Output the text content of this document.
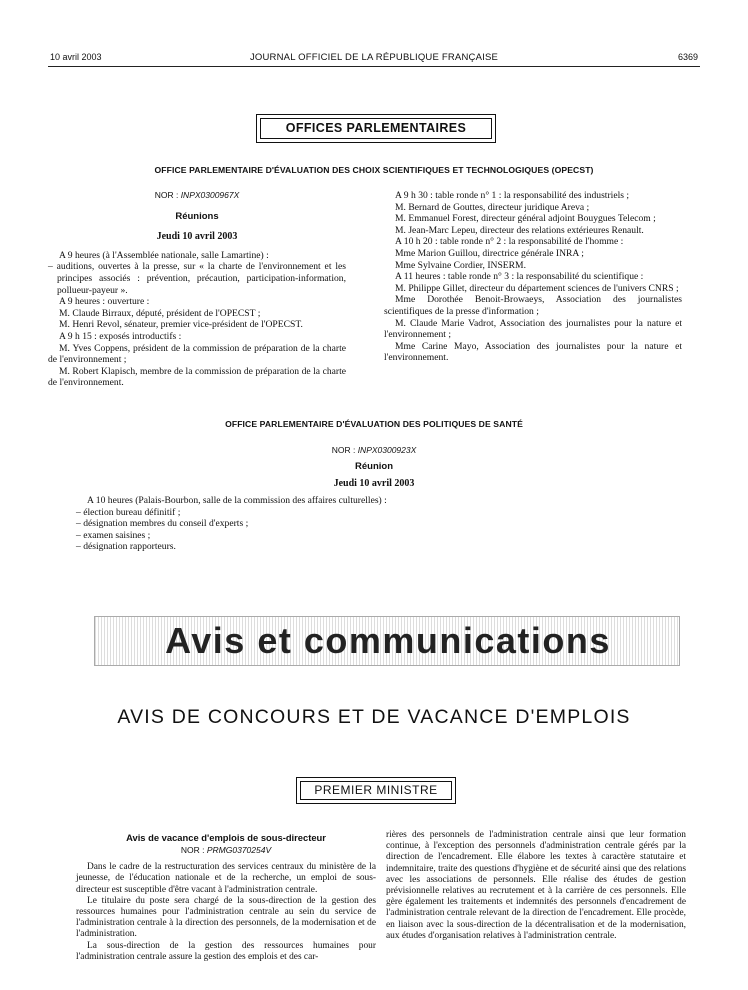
10 avril 2003	JOURNAL OFFICIEL DE LA RÉPUBLIQUE FRANÇAISE	6369
OFFICES PARLEMENTAIRES
OFFICE PARLEMENTAIRE D'ÉVALUATION DES CHOIX SCIENTIFIQUES ET TECHNOLOGIQUES (OPECST)
NOR : INPX0300967X
Réunions
Jeudi 10 avril 2003

A 9 heures (à l'Assemblée nationale, salle Lamartine) :

– auditions, ouvertes à la presse, sur « la charte de l'environnement et les principes associés : prévention, précaution, participation-information, pollueur-payeur ».

A 9 heures : ouverture :

M. Claude Birraux, député, président de l'OPECST ;

M. Henri Revol, sénateur, premier vice-président de l'OPECST.

A 9 h 15 : exposés introductifs :

M. Yves Coppens, président de la commission de préparation de la charte de l'environnement ;

M. Robert Klapisch, membre de la commission de préparation de la charte de l'environnement.

A 9 h 30 : table ronde n° 1 : la responsabilité des industriels ;

M. Bernard de Gouttes, directeur juridique Areva ;

M. Emmanuel Forest, directeur général adjoint Bouygues Telecom ;

M. Jean-Marc Lepeu, directeur des relations extérieures Renault.

A 10 h 20 : table ronde n° 2 : la responsabilité de l'homme :

Mme Marion Guillou, directrice générale INRA ;

Mme Sylvaine Cordier, INSERM.

A 11 heures : table ronde n° 3 : la responsabilité du scientifique :

M. Philippe Gillet, directeur du département sciences de l'univers CNRS ;

Mme Dorothée Benoit-Browaeys, Association des journalistes scientifiques de la presse d'information ;

M. Claude Marie Vadrot, Association des journalistes pour la nature et l'environnement ;

Mme Carine Mayo, Association des journalistes pour la nature et l'environnement.

OFFICE PARLEMENTAIRE D'ÉVALUATION DES POLITIQUES DE SANTÉ
NOR : INPX0300923X
Réunion
Jeudi 10 avril 2003

A 10 heures (Palais-Bourbon, salle de la commission des affaires culturelles) :

– élection bureau définitif ;

– désignation membres du conseil d'experts ;

– examen saisines ;

– désignation rapporteurs.

Avis et communications
AVIS DE CONCOURS ET DE VACANCE D'EMPLOIS
PREMIER MINISTRE
Avis de vacance d'emplois de sous-directeur
NOR : PRMG0370254V

Dans le cadre de la restructuration des services centraux du ministère de la jeunesse, de l'éducation nationale et de la recherche, un emploi de sous-directeur est susceptible d'être vacant à l'administration centrale.

Le titulaire du poste sera chargé de la sous-direction de la gestion des ressources humaines pour l'administration centrale au sein du service de l'administration centrale à la direction des personnels, de la modernisation et de l'administration.

La sous-direction de la gestion des ressources humaines pour l'administration centrale assure la gestion des emplois et des car-

rières des personnels de l'administration centrale ainsi que leur formation continue, à l'exception des personnels d'administration centrale gérés par la direction de l'encadrement. Elle élabore les textes à caractère statutaire et indemnitaire, traite des questions d'hygiène et de sécurité ainsi que des relations avec les associations de personnels. Elle réalise des études de gestion prévisionnelle relatives au recrutement et à la carrière de ces personnels. Elle gère également les traitements et indemnités des personnels d'encadrement de l'administration centrale relevant de la direction de l'encadrement. Elle procède, en liaison avec la sous-direction de la décentralisation et de la modernisation, aux études d'organisation relatives à l'administration centrale.
